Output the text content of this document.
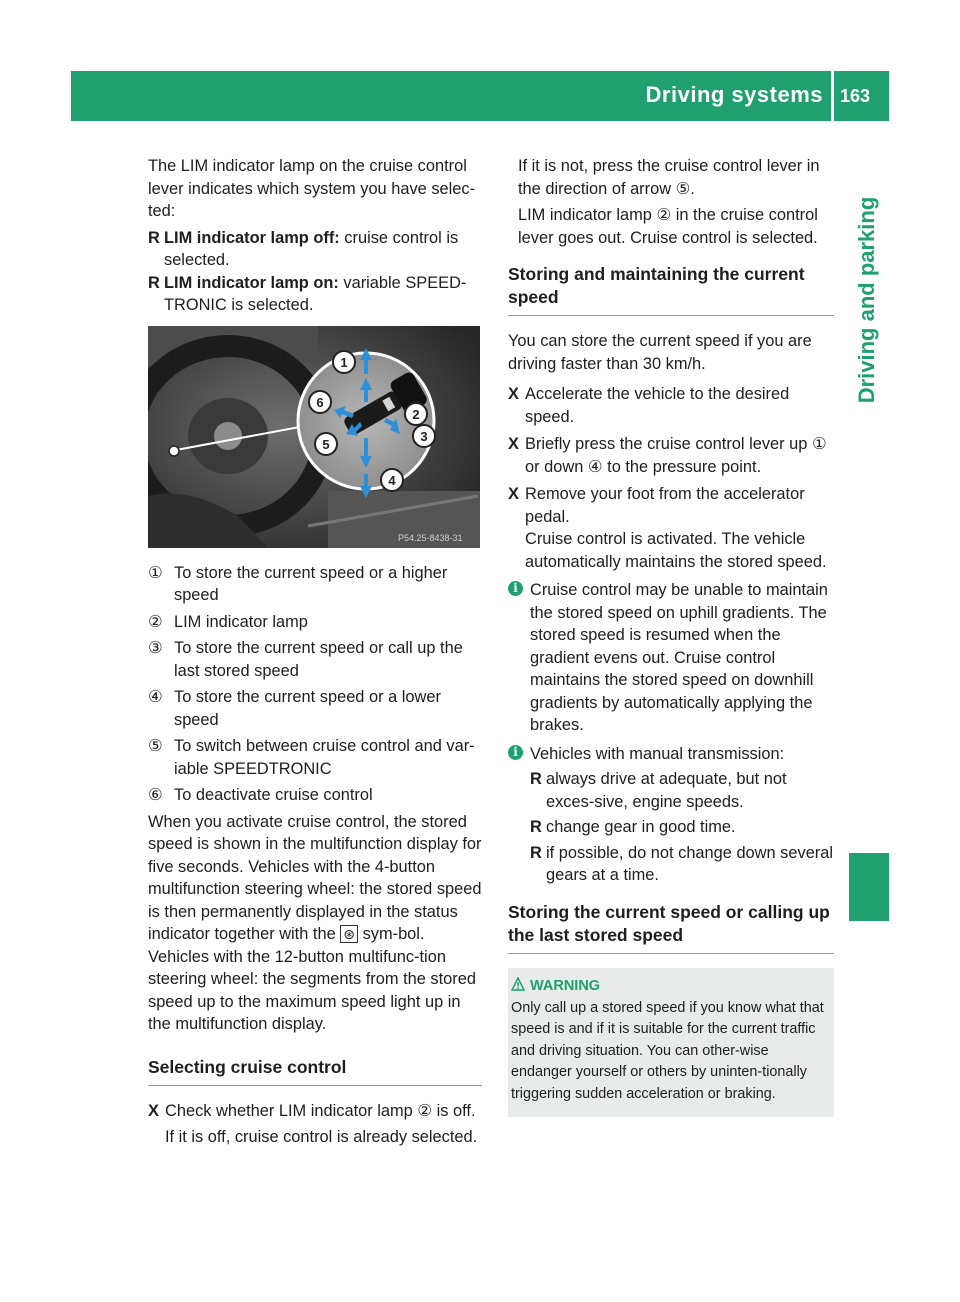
Driving systems 163
Driving and parking

The LIM indicator lamp on the cruise control lever indicates which system you have selec-ted:

R LIM indicator lamp off: cruise control is selected.
R LIM indicator lamp on: variable SPEED-TRONIC is selected.
P54.25-8438-31
1
2
3
4
5
6
① To store the current speed or a higher speed
② LIM indicator lamp
③ To store the current speed or call up the last stored speed
④ To store the current speed or a lower speed
⑤ To switch between cruise control and var-iable SPEEDTRONIC
⑥ To deactivate cruise control

When you activate cruise control, the stored speed is shown in the multifunction display for five seconds. Vehicles with the 4-button multifunction steering wheel: the stored speed is then permanently displayed in the status indicator together with the ⊛ sym-bol. Vehicles with the 12-button multifunc-tion steering wheel: the segments from the stored speed up to the maximum speed light up in the multifunction display.

Selecting cruise control
X Check whether LIM indicator lamp ② is off.
If it is off, cruise control is already selected.

If it is not, press the cruise control lever in the direction of arrow ⑤.

LIM indicator lamp ② in the cruise control lever goes out. Cruise control is selected.

Storing and maintaining the current speed

You can store the current speed if you are driving faster than 30 km/h.

X Accelerate the vehicle to the desired speed.
X Briefly press the cruise control lever up ① or down ④ to the pressure point.
X Remove your foot from the accelerator pedal.
Cruise control is activated. The vehicle automatically maintains the stored speed.
i Cruise control may be unable to maintain the stored speed on uphill gradients. The stored speed is resumed when the gradient evens out. Cruise control maintains the stored speed on downhill gradients by automatically applying the brakes.
i Vehicles with manual transmission:
R always drive at adequate, but not exces-sive, engine speeds.
R change gear in good time.
R if possible, do not change down several gears at a time.
Storing the current speed or calling up the last stored speed
WARNING
Only call up a stored speed if you know what that speed is and if it is suitable for the current traffic and driving situation. You can other-wise endanger yourself or others by uninten-tionally triggering sudden acceleration or braking.
